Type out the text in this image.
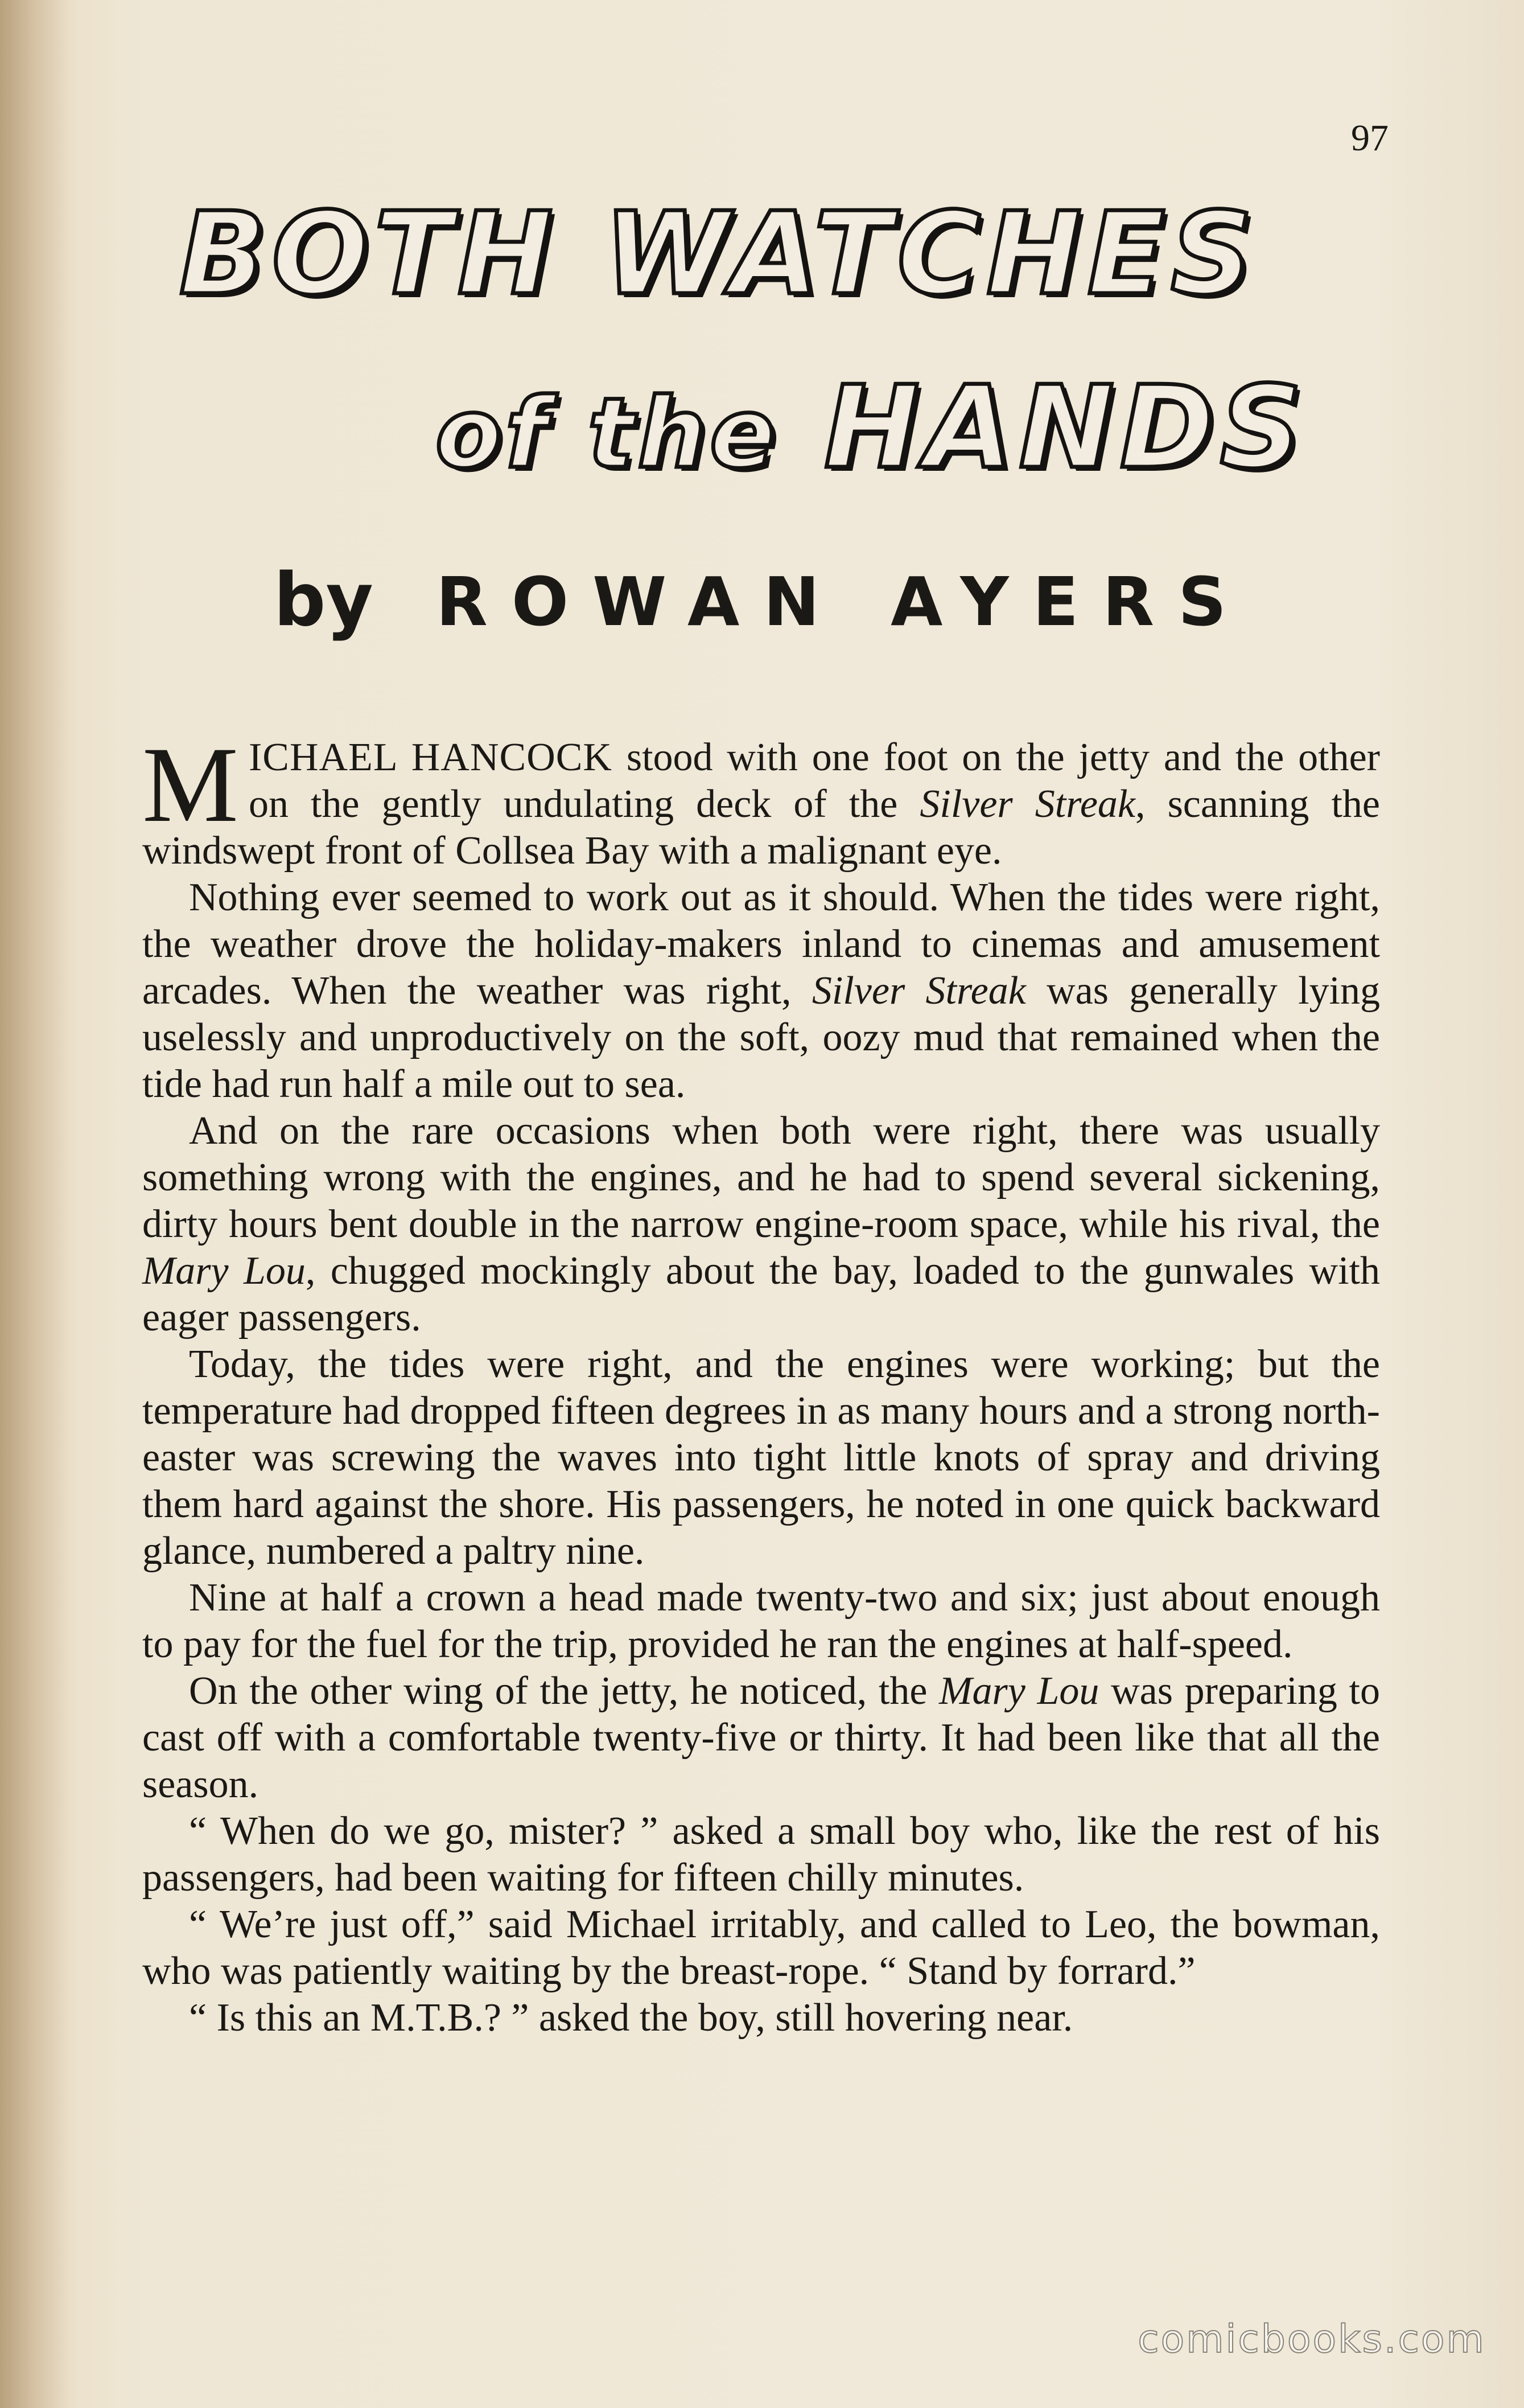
97
BOTH WATCHES
of the HANDS
by ROWAN AYERS

MICHAEL HANCOCK stood with one foot on the jetty and the other on the gently undulating deck of the Silver Streak, scanning the windswept front of Collsea Bay with a malignant eye.

Nothing ever seemed to work out as it should. When the tides were right, the weather drove the holiday-makers inland to cinemas and amusement arcades. When the weather was right, Silver Streak was generally lying uselessly and unproductively on the soft, oozy mud that remained when the tide had run half a mile out to sea.

And on the rare occasions when both were right, there was usually something wrong with the engines, and he had to spend several sickening, dirty hours bent double in the narrow engine-room space, while his rival, the Mary Lou, chugged mockingly about the bay, loaded to the gunwales with eager passengers.

Today, the tides were right, and the engines were working; but the temperature had dropped fifteen degrees in as many hours and a strong north-easter was screwing the waves into tight little knots of spray and driving them hard against the shore. His passengers, he noted in one quick backward glance, numbered a paltry nine.

Nine at half a crown a head made twenty-two and six; just about enough to pay for the fuel for the trip, provided he ran the engines at half-speed.

On the other wing of the jetty, he noticed, the Mary Lou was preparing to cast off with a comfortable twenty-five or thirty. It had been like that all the season.

“ When do we go, mister? ” asked a small boy who, like the rest of his passengers, had been waiting for fifteen chilly minutes.

“ We’re just off,” said Michael irritably, and called to Leo, the bowman, who was patiently waiting by the breast-rope. “ Stand by forrard.”

“ Is this an M.T.B.? ” asked the boy, still hovering near.

comicbooks.com
